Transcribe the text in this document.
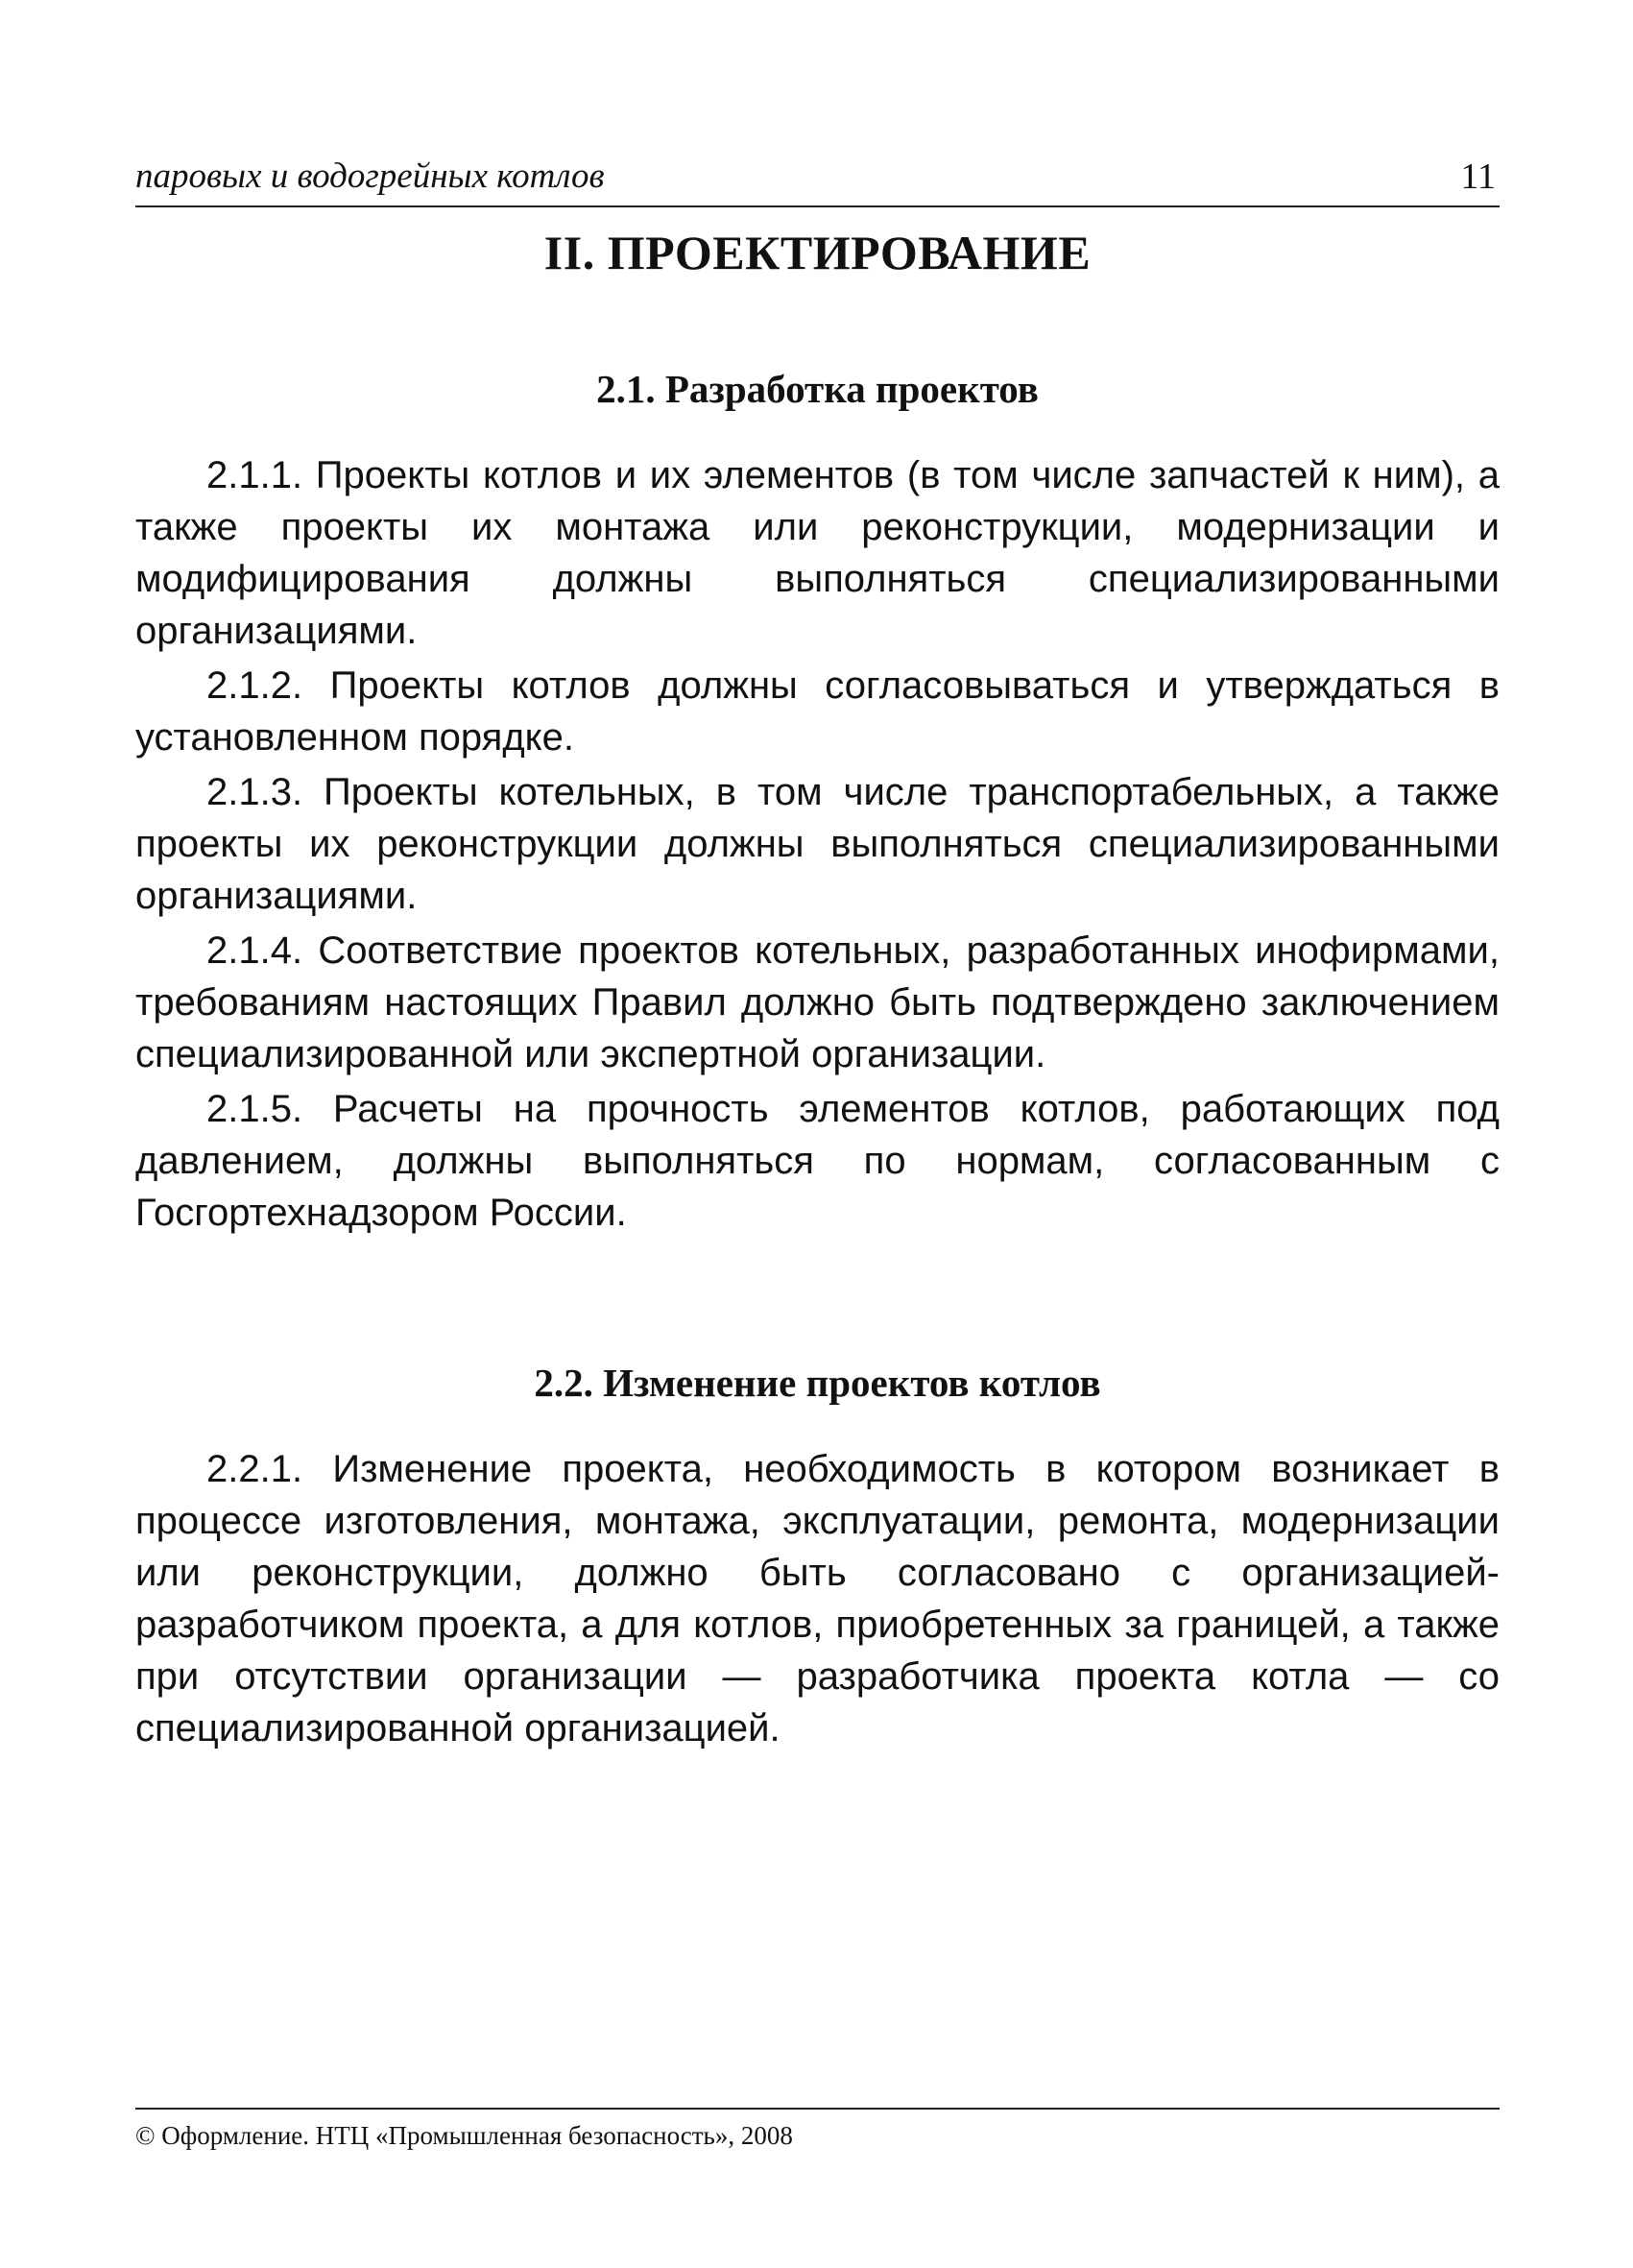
паровых и водогрейных котлов	11
II. ПРОЕКТИРОВАНИЕ
2.1. Разработка проектов

2.1.1. Проекты котлов и их элементов (в том числе запчастей к ним), а также проекты их монтажа или реконструкции, модернизации и модифицирования должны выполняться специализированными организациями.

2.1.2. Проекты котлов должны согласовываться и утверждаться в установленном порядке.

2.1.3. Проекты котельных, в том числе транспортабельных, а также проекты их реконструкции должны выполняться специализированными организациями.

2.1.4. Соответствие проектов котельных, разработанных инофирмами, требованиям настоящих Правил должно быть подтверждено заключением специализированной или экспертной организации.

2.1.5. Расчеты на прочность элементов котлов, работающих под давлением, должны выполняться по нормам, согласованным с Госгортехнадзором России.

2.2. Изменение проектов котлов

2.2.1. Изменение проекта, необходимость в котором возникает в процессе изготовления, монтажа, эксплуатации, ремонта, модернизации или реконструкции, должно быть согласовано с организацией-разработчиком проекта, а для котлов, приобретенных за границей, а также при отсутствии организации — разработчика проекта котла — со специализированной организацией.

© Оформление. НТЦ «Промышленная безопасность», 2008
